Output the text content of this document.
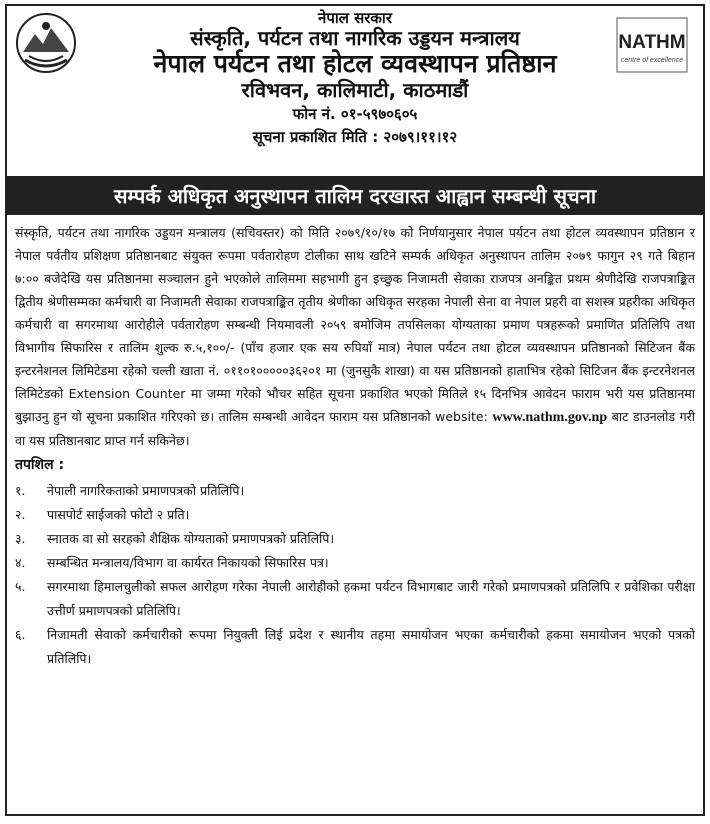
NATHM
centre of excellence

नेपाल सरकार

संस्कृति, पर्यटन तथा नागरिक उड्डयन मन्त्रालय

नेपाल पर्यटन तथा होटल व्यवस्थापन प्रतिष्ठान

रविभवन, कालिमाटी, काठमाडौं

फोन नं. ०१-५९७०६०५

सूचना प्रकाशित मिति : २०७९।११।१२

सम्पर्क अधिकृत अनुस्थापन तालिम दरखास्त आह्वान सम्बन्धी सूचना

संस्कृति, पर्यटन तथा नागरिक उड्डयन मन्त्रालय (सचिवस्तर) को मिति २०७९/१०/१७ को निर्णयानुसार नेपाल पर्यटन तथा होटल व्यवस्थापन प्रतिष्ठान र नेपाल पर्वतीय प्रशिक्षण प्रतिष्ठानबाट संयुक्त रूपमा पर्वतारोहण टोलीका साथ खटिने सम्पर्क अधिकृत अनुस्थापन तालिम २०७९ फागुन २९ गते बिहान ७:०० बजेदेखि यस प्रतिष्ठानमा सञ्चालन हुने भएकोले तालिममा सहभागी हुन इच्छुक निजामती सेवाका राजपत्र अनङ्कित प्रथम श्रेणीदेखि राजपत्राङ्कित द्वितीय श्रेणीसम्मका कर्मचारी वा निजामती सेवाका राजपत्राङ्कित तृतीय श्रेणीका अधिकृत सरहका नेपाली सेना वा नेपाल प्रहरी वा सशस्त्र प्रहरीका अधिकृत कर्मचारी वा सगरमाथा आरोहीले पर्वतारोहण सम्बन्धी नियमावली २०५९ बमोजिम तपसिलका योग्यताका प्रमाण पत्रहरूको प्रमाणित प्रतिलिपि तथा विभागीय सिफारिस र तालिम शुल्क रु.५,१००/- (पाँच हजार एक सय रुपियाँ मात्र) नेपाल पर्यटन तथा होटल व्यवस्थापन प्रतिष्ठानको सिटिजन बैंक इन्टरनेशनल लिमिटेडमा रहेको चल्ती खाता नं. ०११०१०००००३६२०१ मा (जुनसुकै शाखा) वा यस प्रतिष्ठानको हाताभित्र रहेको सिटिजन बैंक इन्टरनेशनल लिमिटेडको Extension Counter मा जम्मा गरेको भौचर सहित सूचना प्रकाशित भएको मितिले १५ दिनभित्र आवेदन फाराम भरी यस प्रतिष्ठानमा बुझाउनु हुन यो सूचना प्रकाशित गरिएको छ। तालिम सम्बन्धी आवेदन फाराम यस प्रतिष्ठानको website: www.nathm.gov.np बाट डाउनलोड गरी वा यस प्रतिष्ठानबाट प्राप्त गर्न सकिनेछ।

तपशिल :
१.	नेपाली नागरिकताको प्रमाणपत्रको प्रतिलिपि।
२.	पासपोर्ट साईजको फोटो २ प्रति।
३.	स्नातक वा सो सरहको शैक्षिक योग्यताको प्रमाणपत्रको प्रतिलिपि।
४.	सम्बन्धित मन्त्रालय/विभाग वा कार्यरत निकायको सिफारिस पत्र।
५.	सगरमाथा हिमालचुलीको सफल आरोहण गरेका नेपाली आरोहीको हकमा पर्यटन विभागबाट जारी गरेको प्रमाणपत्रको प्रतिलिपि र प्रवेशिका परीक्षा उत्तीर्ण प्रमाणपत्रको प्रतिलिपि।
६.	निजामती सेवाको कर्मचारीको रूपमा नियुक्ती लिई प्रदेश र स्थानीय तहमा समायोजन भएका कर्मचारीको हकमा समायोजन भएको पत्रको प्रतिलिपि।
